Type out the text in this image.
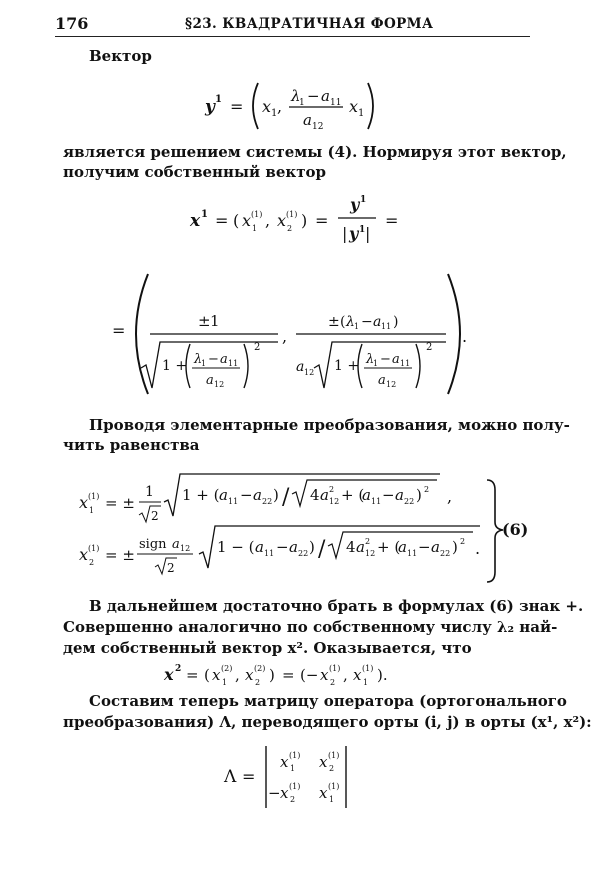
176	§23. КВАДРАТИЧНАЯ ФОРМА
Вектор
y 1 = x 1 ,
λ
1 − a 11
a 12
x 1
является решением системы (4). Нормируя этот вектор,
получим собственный вектор
x 1 = ( x (1)
1 , x (1)
2 ) =
y 1
| y 1 |
=
=	± 1
1 + λ
1 − a 11
a 12
2
,
± ( λ 1 − a 11 )
a 12 1 + λ
1 − a 11
a 12
2
.
Проводя элементарные преобразования, можно полу-
чить равенства
x (1)
1 = ±
1
2
1 + ( a 11 − a 22 ) / 4 a 2
12 + (
a 11 − a 22 ) 2 ,
x (1)
2 = ±
sign a 12
2
1 − ( a 11 − a 22 ) / 4 a 2
12 + (
a 11 − a 22 ) 2 .
(6)
В дальнейшем достаточно брать в формулах (6) знак +.
Совершенно аналогично по собственному числу λ₂ най-
дем собственный вектор x². Оказывается, что
x 2 = ( x (2)
1 , x (2)
2 ) = (− x (1)
2 , x (1)
1 ).
Составим теперь матрицу оператора (ортогонального
преобразования) Λ, переводящего орты (i, j) в орты (x¹, x²):
Λ =
x (1)
1 x (1)
2
− x (1)
2 x (1)
1
